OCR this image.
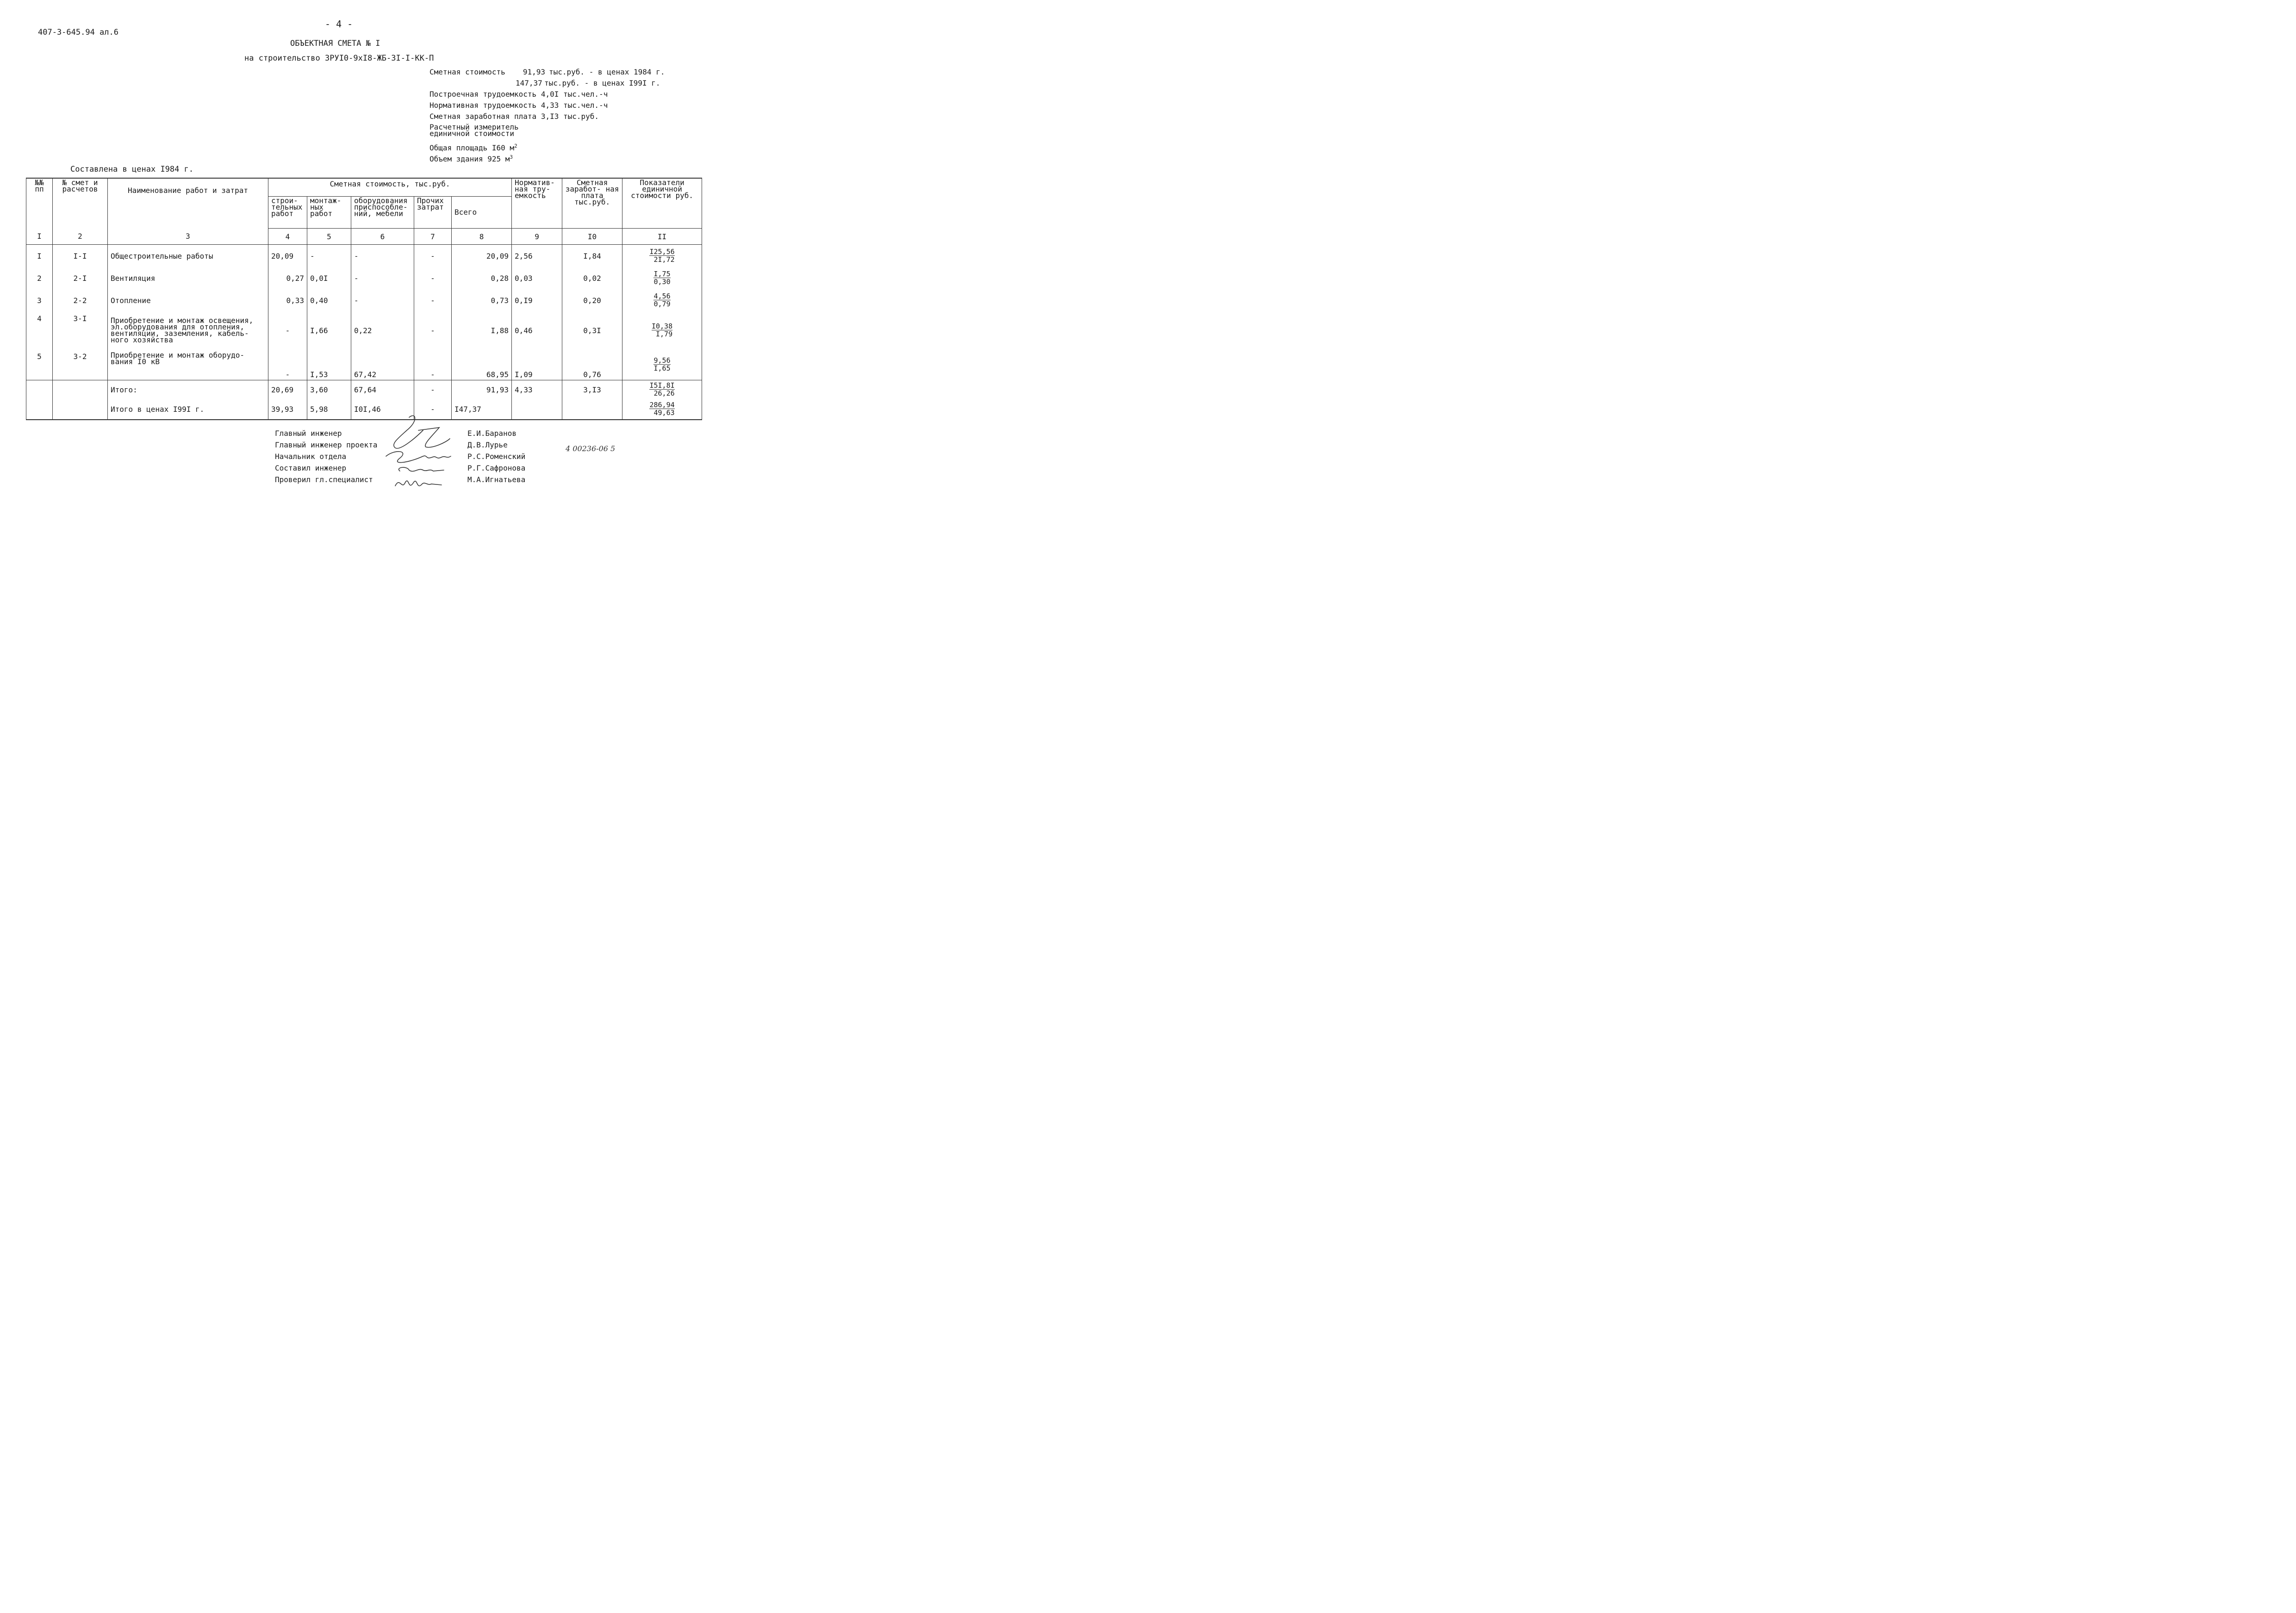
407-3-645.94 ал.6
- 4 -
ОБЪЕКТНАЯ СМЕТА № I
на строительство ЗРУI0-9хI8-ЖБ-3I-I-КК-П
Сметная стоимость 91,93 тыс.руб. - в ценах 1984 г.
147,37 тыс.руб. - в ценах I99I г.
Построечная трудоемкость 4,0I тыс.чел.-ч
Нормативная трудоемкость 4,33 тыс.чел.-ч
Сметная заработная плата 3,I3 тыс.руб.
Расчетный измеритель
единичной стоимости
Общая площадь I60 $м^2$
Объем здания 925 $м^3$
Составлена в ценах I984 г.
№№ пп	№ смет и расчетов	Наименование работ и затрат	Сметная стоимость, тыс.руб.					Норматив- ная тру- емкость	Сметная заработ- ная плата тыс.руб.	Показатели единичной стоимости руб.
			строи- тельных работ	монтаж- ных работ	оборудования приспособле- ний, мебели	Прочих затрат	Всего			
I	2	3	4	5	6	7	8	9	I0	II
I	I-I	Общестроительные работы	20,09	-	-	-	20,09	2,56	I,84	$\frac{I25,56}{2I,72}$

2	2-I	Вентиляция	0,27	0,0I	-	-	0,28	0,03	0,02	$\frac{I,75}{0,30}$

3	2-2	Отопление	0,33	0,40	-	-	0,73	0,I9	0,20	$\frac{4,56}{0,79}$

4	3-I	Приобретение и монтаж освещения, эл.оборудования для отопления, вентиляции, заземления, кабель- ного хозяйства	-	I,66	0,22	-	I,88	0,46	0,3I	$\frac{I0,38}{I,79}$

5	3-2	Приобретение и монтаж оборудо- вания I0 кВ	-	I,53	67,42	-	68,95	I,09	0,76	$\frac{9,56}{I,65}$

		Итого:	20,69	3,60	67,64	-	91,93	4,33	3,I3	$\frac{I5I,8I}{26,26}$

		Итого в ценах I99I г.	39,93	5,98	I0I,46	-	I47,37			$\frac{286,94}{49,63}$
Главный инженер
Главный инженер проекта
Начальник отдела
Составил инженер
Проверил гл.специалист
Е.И.Баранов
Д.В.Лурье
Р.С.Роменский
Р.Г.Сафронова
М.А.Игнатьева
4 00236-06 5
